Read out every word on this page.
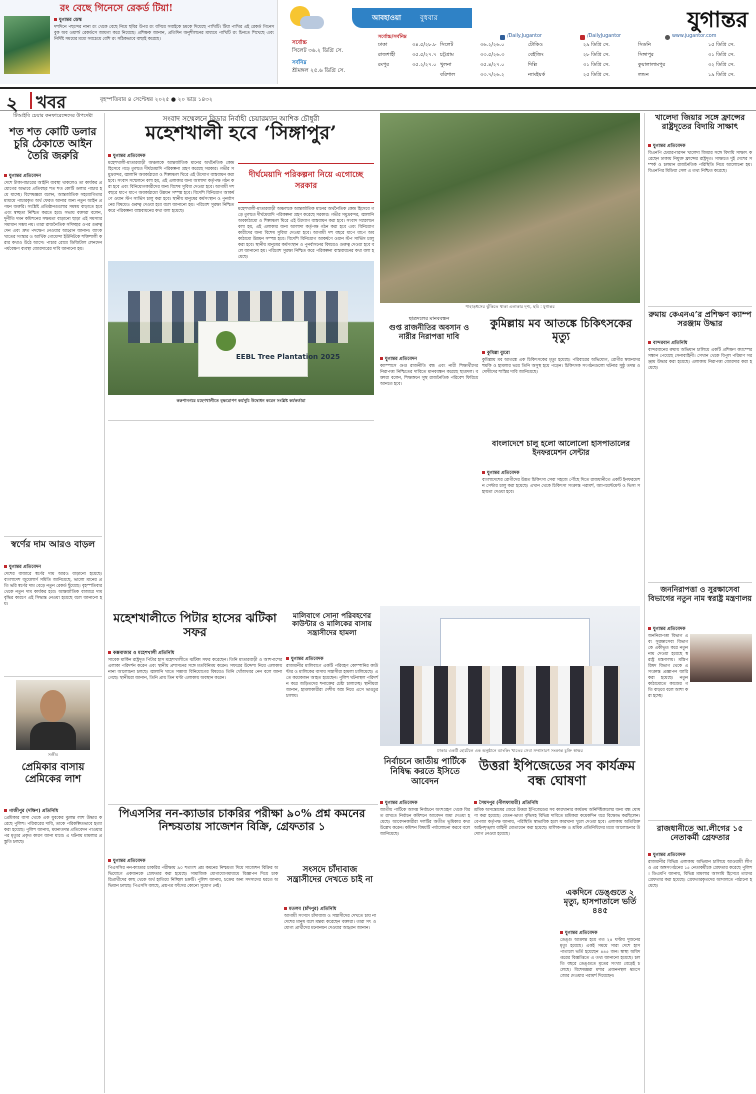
রং বেছে গিনেসে রেকর্ড টিয়া!
যুগান্তর ডেস্ক
দশদিনে পছন্দের নানা রং থেকে বেছে নিয়ে ছবির উপর রং বসিয়ে সবাইকে চমকে দিয়েছে পাখিটি। টিয়া পাখির এই রেকর্ড গিনেস বুক অব ওয়ার্ল্ড রেকর্ডসে জায়গা করে নিয়েছে। প্রশিক্ষক জানান, প্রতিদিন অনুশীলনের মাধ্যমে পাখিটি রং চিনতে শিখেছে এবং নির্দিষ্ট সময়ের মধ্যে সবচেয়ে বেশি রং সঠিকভাবে বাছাই করেছে।
আবহাওয়া	বুধবার
সর্বোচ্চ
সিলেট ৩৬.২ ডিগ্রি সে.
সর্বনিম্ন
শ্রীমঙ্গল ২৫.৬ ডিগ্রি সে.
সর্বোচ্চ/সর্বনিম্ন
ঢাকা	৩৪.৫/২৮.৮ সিলেট	৩৬.২/২৬.০	টোকিও	২৯ ডিগ্রি সে.	সিডনি	১৫ ডিগ্রি সে.
রাজশাহী	৩৫.৫/২৭.৭ চট্টগ্রাম	৩৩.৫/২৬.৩	বেইজিং	২৮ ডিগ্রি সে.	সিঙ্গাপুর	৩১ ডিগ্রি সে.
রংপুর	৩৫.২/২৭.০ খুলনা	৩৫.৪/২৭.০	দিল্লি	৩১ ডিগ্রি সে.	কুয়ালালামপুর	৩২ ডিগ্রি সে.
বরিশাল	৩৩.৭/২৬.২	ন্যাংইয়র্ক	২৫ ডিগ্রি সে.	লন্ডন	১৯ ডিগ্রি সে.
যুগান্তর
/Daily.Jugantor	/DailyJugantor	www.jugantor.com
২ খবর	বৃহস্পতিবার ৪ সেপ্টেম্বর ২০২৫ ● ২০ ভাদ্র ১৪৩২
টিআইবি চেয়ার কনফারেন্সেদের উপদেষ্টা
শত শত কোটি ডলার চুরি ঠেকাতে আইন তৈরি জরুরি
যুগান্তর প্রতিবেদন
দেশে টাকাপাচারের আইনি ব্যবস্থা থাকলেও তা কার্যকর প্রয়োগের অভাবে প্রতিবছর শত শত কোটি ডলার পাচার হয়ে যাচ্ছে। বিশেষজ্ঞরা বলেন, আন্তর্জাতিক সহযোগিতার মাধ্যমে পাচারকৃত অর্থ ফেরত আনার জন্য নতুন আইন প্রণয়ন জরুরি। সংশ্লিষ্ট প্রতিষ্ঠানগুলোর সমন্বয় বাড়াতে হবে এবং স্বচ্ছতা নিশ্চিত করতে হবে। সভায় বক্তারা বলেন, দুর্নীতি দমন কমিশনের সক্ষমতা বাড়ানো ছাড়া এই সমস্যার সমাধান সম্ভব নয়। তারা রাজনৈতিক সদিচ্ছার ওপর গুরুত্ব দেন এবং দ্রুত পদক্ষেপ নেওয়ার আহ্বান জানান। ব্যাংক খাতের সংস্কার ও আর্থিক গোয়েন্দা ইউনিটকে শক্তিশালী করার কথাও উঠে আসে। পাচার রোধে ডিজিটাল লেনদেন পর্যবেক্ষণ ব্যবস্থা জোরদারের দাবি জানানো হয়।
স্বর্ণের দাম আরও বাড়ল
যুগান্তর প্রতিবেদন
দেশের বাজারে স্বর্ণের দাম আরও বাড়ানো হয়েছে। বাংলাদেশ জুয়েলার্স সমিতি জানিয়েছে, ভালো মানের প্রতি ভরি স্বর্ণের দাম বেড়ে নতুন রেকর্ড ছুঁয়েছে। বৃহস্পতিবার থেকে নতুন দাম কার্যকর হবে। আন্তর্জাতিক বাজারে দাম বৃদ্ধির কারণে এই সিদ্ধান্ত নেওয়া হয়েছে বলে জানানো হয়।
সজীব
প্রেমিকার বাসায় প্রেমিকের লাশ
গাজীপুর (দক্ষিণ) প্রতিনিধি
প্রেমিকার বাসা থেকে এক যুবকের ঝুলন্ত লাশ উদ্ধার করেছে পুলিশ। পরিবারের দাবি, তাকে পরিকল্পিতভাবে হত্যা করা হয়েছে। পুলিশ জানায়, ময়নাতদন্ত প্রতিবেদন পাওয়ার পর মৃত্যুর প্রকৃত কারণ জানা যাবে। এ ঘটনায় মামলার প্রস্তুতি চলছে।
সংবাদ সম্মেলনে বিডার নির্বাহী চেয়ারম্যান আশিক চৌধুরী
মহেশখালী হবে ‘সিঙ্গাপুর’
যুগান্তর প্রতিবেদক
মহেশখালী-মাতারবাড়ী অঞ্চলকে আন্তর্জাতিক মানের অর্থনৈতিক কেন্দ্র হিসেবে গড়ে তুলতে দীর্ঘমেয়াদি পরিকল্পনা গ্রহণ করেছে সরকার। গভীর সমুদ্রবন্দর, জ্বালানি অবকাঠামো ও শিল্পাঞ্চল ঘিরে এই উদ্যোগ বাস্তবায়ন করা হবে। সংবাদ সম্মেলনে বলা হয়, এই এলাকার জন্য আলাদা কর্তৃপক্ষ গঠন করা হবে এবং বিনিয়োগকারীদের জন্য বিশেষ সুবিধা দেওয়া হবে। আগামী দশ বছরে ধাপে ধাপে অবকাঠামো উন্নয়ন সম্পন্ন হবে। বিদেশি বিনিয়োগ আকর্ষণে ওয়ান স্টপ সার্ভিস চালু করা হবে। স্থানীয় মানুষের কর্মসংস্থান ও পুনর্বাসনের বিষয়েও গুরুত্ব দেওয়া হবে বলে জানানো হয়। পরিবেশ সুরক্ষা নিশ্চিত করে পরিকল্পনা বাস্তবায়নের কথা বলা হয়েছে।
দীর্ঘমেয়াদি পরিকল্পনা নিয়ে এগোচ্ছে সরকার
মহেশখালী-মাতারবাড়ী অঞ্চলকে আন্তর্জাতিক মানের অর্থনৈতিক কেন্দ্র হিসেবে গড়ে তুলতে দীর্ঘমেয়াদি পরিকল্পনা গ্রহণ করেছে সরকার। গভীর সমুদ্রবন্দর, জ্বালানি অবকাঠামো ও শিল্পাঞ্চল ঘিরে এই উদ্যোগ বাস্তবায়ন করা হবে। সংবাদ সম্মেলনে বলা হয়, এই এলাকার জন্য আলাদা কর্তৃপক্ষ গঠন করা হবে এবং বিনিয়োগকারীদের জন্য বিশেষ সুবিধা দেওয়া হবে। আগামী দশ বছরে ধাপে ধাপে অবকাঠামো উন্নয়ন সম্পন্ন হবে। বিদেশি বিনিয়োগ আকর্ষণে ওয়ান স্টপ সার্ভিস চালু করা হবে। স্থানীয় মানুষের কর্মসংস্থান ও পুনর্বাসনের বিষয়েও গুরুত্ব দেওয়া হবে বলে জানানো হয়। পরিবেশ সুরক্ষা নিশ্চিত করে পরিকল্পনা বাস্তবায়নের কথা বলা হয়েছে।
EEBL Tree Plantation 2025
করুণানগরে মহেশখালীতে বৃক্ষরোপণ কর্মসূচি উদ্বোধন করেন সংশ্লিষ্ট কর্মকর্তারা
পাহাড়ধসের ঝুঁকিতে থাকা এলাকার দৃশ্য, ছবি : যুগান্তর
ছাত্রদলের মানববন্ধন
গুপ্ত রাজনীতির অবসান ও নারীর নিরাপত্তা দাবি
যুগান্তর প্রতিবেদন
ক্যাম্পাসে গুপ্ত রাজনীতি বন্ধ এবং নারী শিক্ষার্থীদের নিরাপত্তা নিশ্চিতের দাবিতে মানববন্ধন করেছে ছাত্রদল। বক্তারা বলেন, শিক্ষাঙ্গনে সুস্থ রাজনৈতিক পরিবেশ ফিরিয়ে আনতে হবে।
কুমিল্লায় মব আতঙ্কে চিকিৎসকের মৃত্যু
কুমিল্লা ব্যুরো
কুমিল্লায় মব আতঙ্কে এক চিকিৎসকের মৃত্যু হয়েছে। পরিবারের অভিযোগ, রোগীর স্বজনদের হুমকি ও হামলার ভয়ে তিনি অসুস্থ হয়ে পড়েন। চিকিৎসক সংগঠনগুলো ঘটনার সুষ্ঠু তদন্ত ও দোষীদের শাস্তির দাবি জানিয়েছে।
বাংলাদেশে চালু হলো আলোলো হাসপাতালের ইনফরমেশন সেন্টার
যুগান্তর প্রতিবেদক
বাংলাদেশের রোগীদের উন্নত চিকিৎসা সেবা সহজে পৌঁছে দিতে রাজধানীতে একটি ইনফরমেশন সেন্টার চালু করা হয়েছে। এখান থেকে চিকিৎসা সংক্রান্ত পরামর্শ, অ্যাপয়েন্টমেন্ট ও ভিসা সহায়তা দেওয়া হবে।
খালেদা জিয়ার সঙ্গে ফ্রান্সের রাষ্ট্রদূতের বিদায়ি সাক্ষাৎ
যুগান্তর প্রতিবেদক
বিএনপি চেয়ারপারসন খালেদা জিয়ার সঙ্গে বিদায়ি সাক্ষাৎ করেছেন ঢাকায় নিযুক্ত ফ্রান্সের রাষ্ট্রদূত। সাক্ষাতে দুই দেশের সম্পর্ক ও চলমান রাজনৈতিক পরিস্থিতি নিয়ে আলোচনা হয়। বিএনপির মিডিয়া সেল এ তথ্য নিশ্চিত করেছে।
রুমায় কেএনএ’র প্রশিক্ষণ ক্যাম্প সরঞ্জাম উদ্ধার
বান্দরবান প্রতিনিধি
বান্দরবানের রুমায় অভিযান চালিয়ে একটি প্রশিক্ষণ ক্যাম্পের সন্ধান পেয়েছে সেনাবাহিনী। সেখান থেকে বিপুল পরিমাণ সরঞ্জাম উদ্ধার করা হয়েছে। এলাকায় নিরাপত্তা জোরদার করা হয়েছে।
জননিরাপত্তা ও সুরক্ষাসেবা বিভাগের নতুন নাম স্বরাষ্ট্র মন্ত্রণালয়
যুগান্তর প্রতিবেদক
জননিরাপত্তা বিভাগ এবং সুরক্ষাসেবা বিভাগকে একীভূত করে নতুন নাম দেওয়া হয়েছে স্বরাষ্ট্র মন্ত্রণালয়। মন্ত্রিপরিষদ বিভাগ থেকে এ সংক্রান্ত প্রজ্ঞাপন জারি করা হয়েছে। নতুন কাঠামোতে কাজের গতি বাড়বে বলে আশা করা হচ্ছে।
রাজধানীতে আ.লীগের ১৫ নেতাকর্মী গ্রেফতার
যুগান্তর প্রতিবেদক
রাজধানীর বিভিন্ন এলাকায় অভিযান চালিয়ে আওয়ামী লীগ ও এর অঙ্গসংগঠনের ১৫ নেতাকর্মীকে গ্রেফতার করেছে পুলিশ। ডিএমপি জানায়, বিভিন্ন মামলার আসামি হিসেবে তাদের গ্রেফতার করা হয়েছে। গ্রেফতারকৃতদের আদালতে পাঠানো হয়েছে।
মহেশখালীতে পিটার হাসের ঝটিকা সফর
কক্সবাজার ও মহেশখালী প্রতিনিধি
সাবেক মার্কিন রাষ্ট্রদূত পিটার হাস মহেশখালীতে ঝটিকা সফর করেছেন। তিনি মাতারবাড়ী ও আশপাশের এলাকা পরিদর্শন করেন এবং স্থানীয় প্রশাসনের সঙ্গে মতবিনিময় করেন। সফরের উদ্দেশ্য নিয়ে এলাকায় নানা আলোচনা চলছে। জ্বালানি খাতে সম্ভাব্য বিনিয়োগের বিষয়েও তিনি খোঁজখবর নেন বলে জানা গেছে। স্থানীয়রা জানান, তিনি প্রায় তিন ঘণ্টা এলাকায় অবস্থান করেন।
মালিবাগে সোনা পরিবহণের কাউন্টার ও মালিকের বাসায় সন্ত্রাসীদের হামলা
যুগান্তর প্রতিবেদক
রাজধানীর মালিবাগে একটি পরিবহণ কোম্পানির কাউন্টার ও মালিকের বাসায় সন্ত্রাসীরা হামলা চালিয়েছে। এতে কয়েকজন আহত হয়েছেন। পুলিশ ঘটনাস্থল পরিদর্শন করে জড়িতদের শনাক্তের চেষ্টা চালাচ্ছে। স্থানীয়রা জানান, হামলাকারীরা দেশীয় অস্ত্র নিয়ে এসে ভাঙচুর চালায়।
ঢাকার একটি হোটেলে এক অনুষ্ঠানে ব্যাংকিং খাতের সেবা সম্প্রসারণ সংক্রান্ত চুক্তি স্বাক্ষর
নির্বাচনে জাতীয় পার্টিকে নিষিদ্ধ করতে ইসিতে আবেদন
যুগান্তর প্রতিবেদক
জাতীয় পার্টিকে আসন্ন নির্বাচনে অংশগ্রহণ থেকে বিরত রাখতে নির্বাচন কমিশনে আবেদন জমা দেওয়া হয়েছে। আবেদনকারীরা দলটির অতীত ভূমিকার কথা উল্লেখ করেন। কমিশন বিষয়টি পর্যালোচনা করবে বলে জানিয়েছে।
উত্তরা ইপিজেডের সব কার্যক্রম বন্ধ ঘোষণা
সৈয়দপুর (নীলফামারী) প্রতিনিধি
শ্রমিক অসন্তোষের জেরে উত্তরা ইপিজেডের সব কারখানার কার্যক্রম অনির্দিষ্টকালের জন্য বন্ধ ঘোষণা করা হয়েছে। বেতন-ভাতা বৃদ্ধিসহ বিভিন্ন দাবিতে শ্রমিকরা কয়েকদিন ধরে বিক্ষোভ করছিলেন। বেপজা কর্তৃপক্ষ জানায়, পরিস্থিতি স্বাভাবিক হলে কারখানা খুলে দেওয়া হবে। এলাকায় অতিরিক্ত আইনশৃঙ্খলা বাহিনী মোতায়েন করা হয়েছে। মালিকপক্ষ ও শ্রমিক প্রতিনিধিদের মধ্যে আলোচনার উদ্যোগ নেওয়া হয়েছে।
একদিনে ডেঙ্গুতে ২ মৃত্যু, হাসপাতালে ভর্তি ৪৪৫
যুগান্তর প্রতিবেদক
ডেঙ্গু আক্রান্ত হয়ে গত ২৪ ঘণ্টায় দুজনের মৃত্যু হয়েছে। একই সময়ে সারা দেশে হাসপাতালে ভর্তি হয়েছেন ৪৪৫ জন। স্বাস্থ্য অধিদপ্তরের বিজ্ঞপ্তিতে এ তথ্য জানানো হয়েছে। চলতি বছরে ডেঙ্গুতে মৃতের সংখ্যা বেড়েই চলেছে। বিশেষজ্ঞরা মশার প্রজননস্থল ধ্বংসে জোর দেওয়ার পরামর্শ দিয়েছেন।
পিএসসির নন-ক্যাডার চাকরির পরীক্ষা ৯০% প্রশ্ন কমনের নিশ্চয়তায় সাজেশন বিক্রি, গ্রেফতার ১
যুগান্তর প্রতিবেদক
পিএসসির নন-ক্যাডার চাকরির পরীক্ষায় ৯০ শতাংশ প্রশ্ন কমনের নিশ্চয়তা দিয়ে সাজেশন বিক্রির অভিযোগে একজনকে গ্রেফতার করা হয়েছে। সামাজিক যোগাযোগমাধ্যমে বিজ্ঞাপন দিয়ে চাকরিপ্রার্থীদের কাছ থেকে অর্থ হাতিয়ে নিচ্ছিল চক্রটি। পুলিশ জানায়, চক্রের অন্য সদস্যদের ধরতে অভিযান চলছে। পিএসসি বলছে, প্রশ্নপত্র ফাঁসের কোনো সুযোগ নেই।
সংসদে চাঁদাবাজ সন্ত্রাসীদের দেখতে চাই না
মতলব (চাঁদপুর) প্রতিনিধি
আগামী সংসদে চাঁদাবাজ ও সন্ত্রাসীদের দেখতে চায় না দেশের মানুষ বলে মন্তব্য করেছেন বক্তারা। তারা সৎ ও যোগ্য প্রার্থীদের মনোনয়ন দেওয়ার আহ্বান জানান।
